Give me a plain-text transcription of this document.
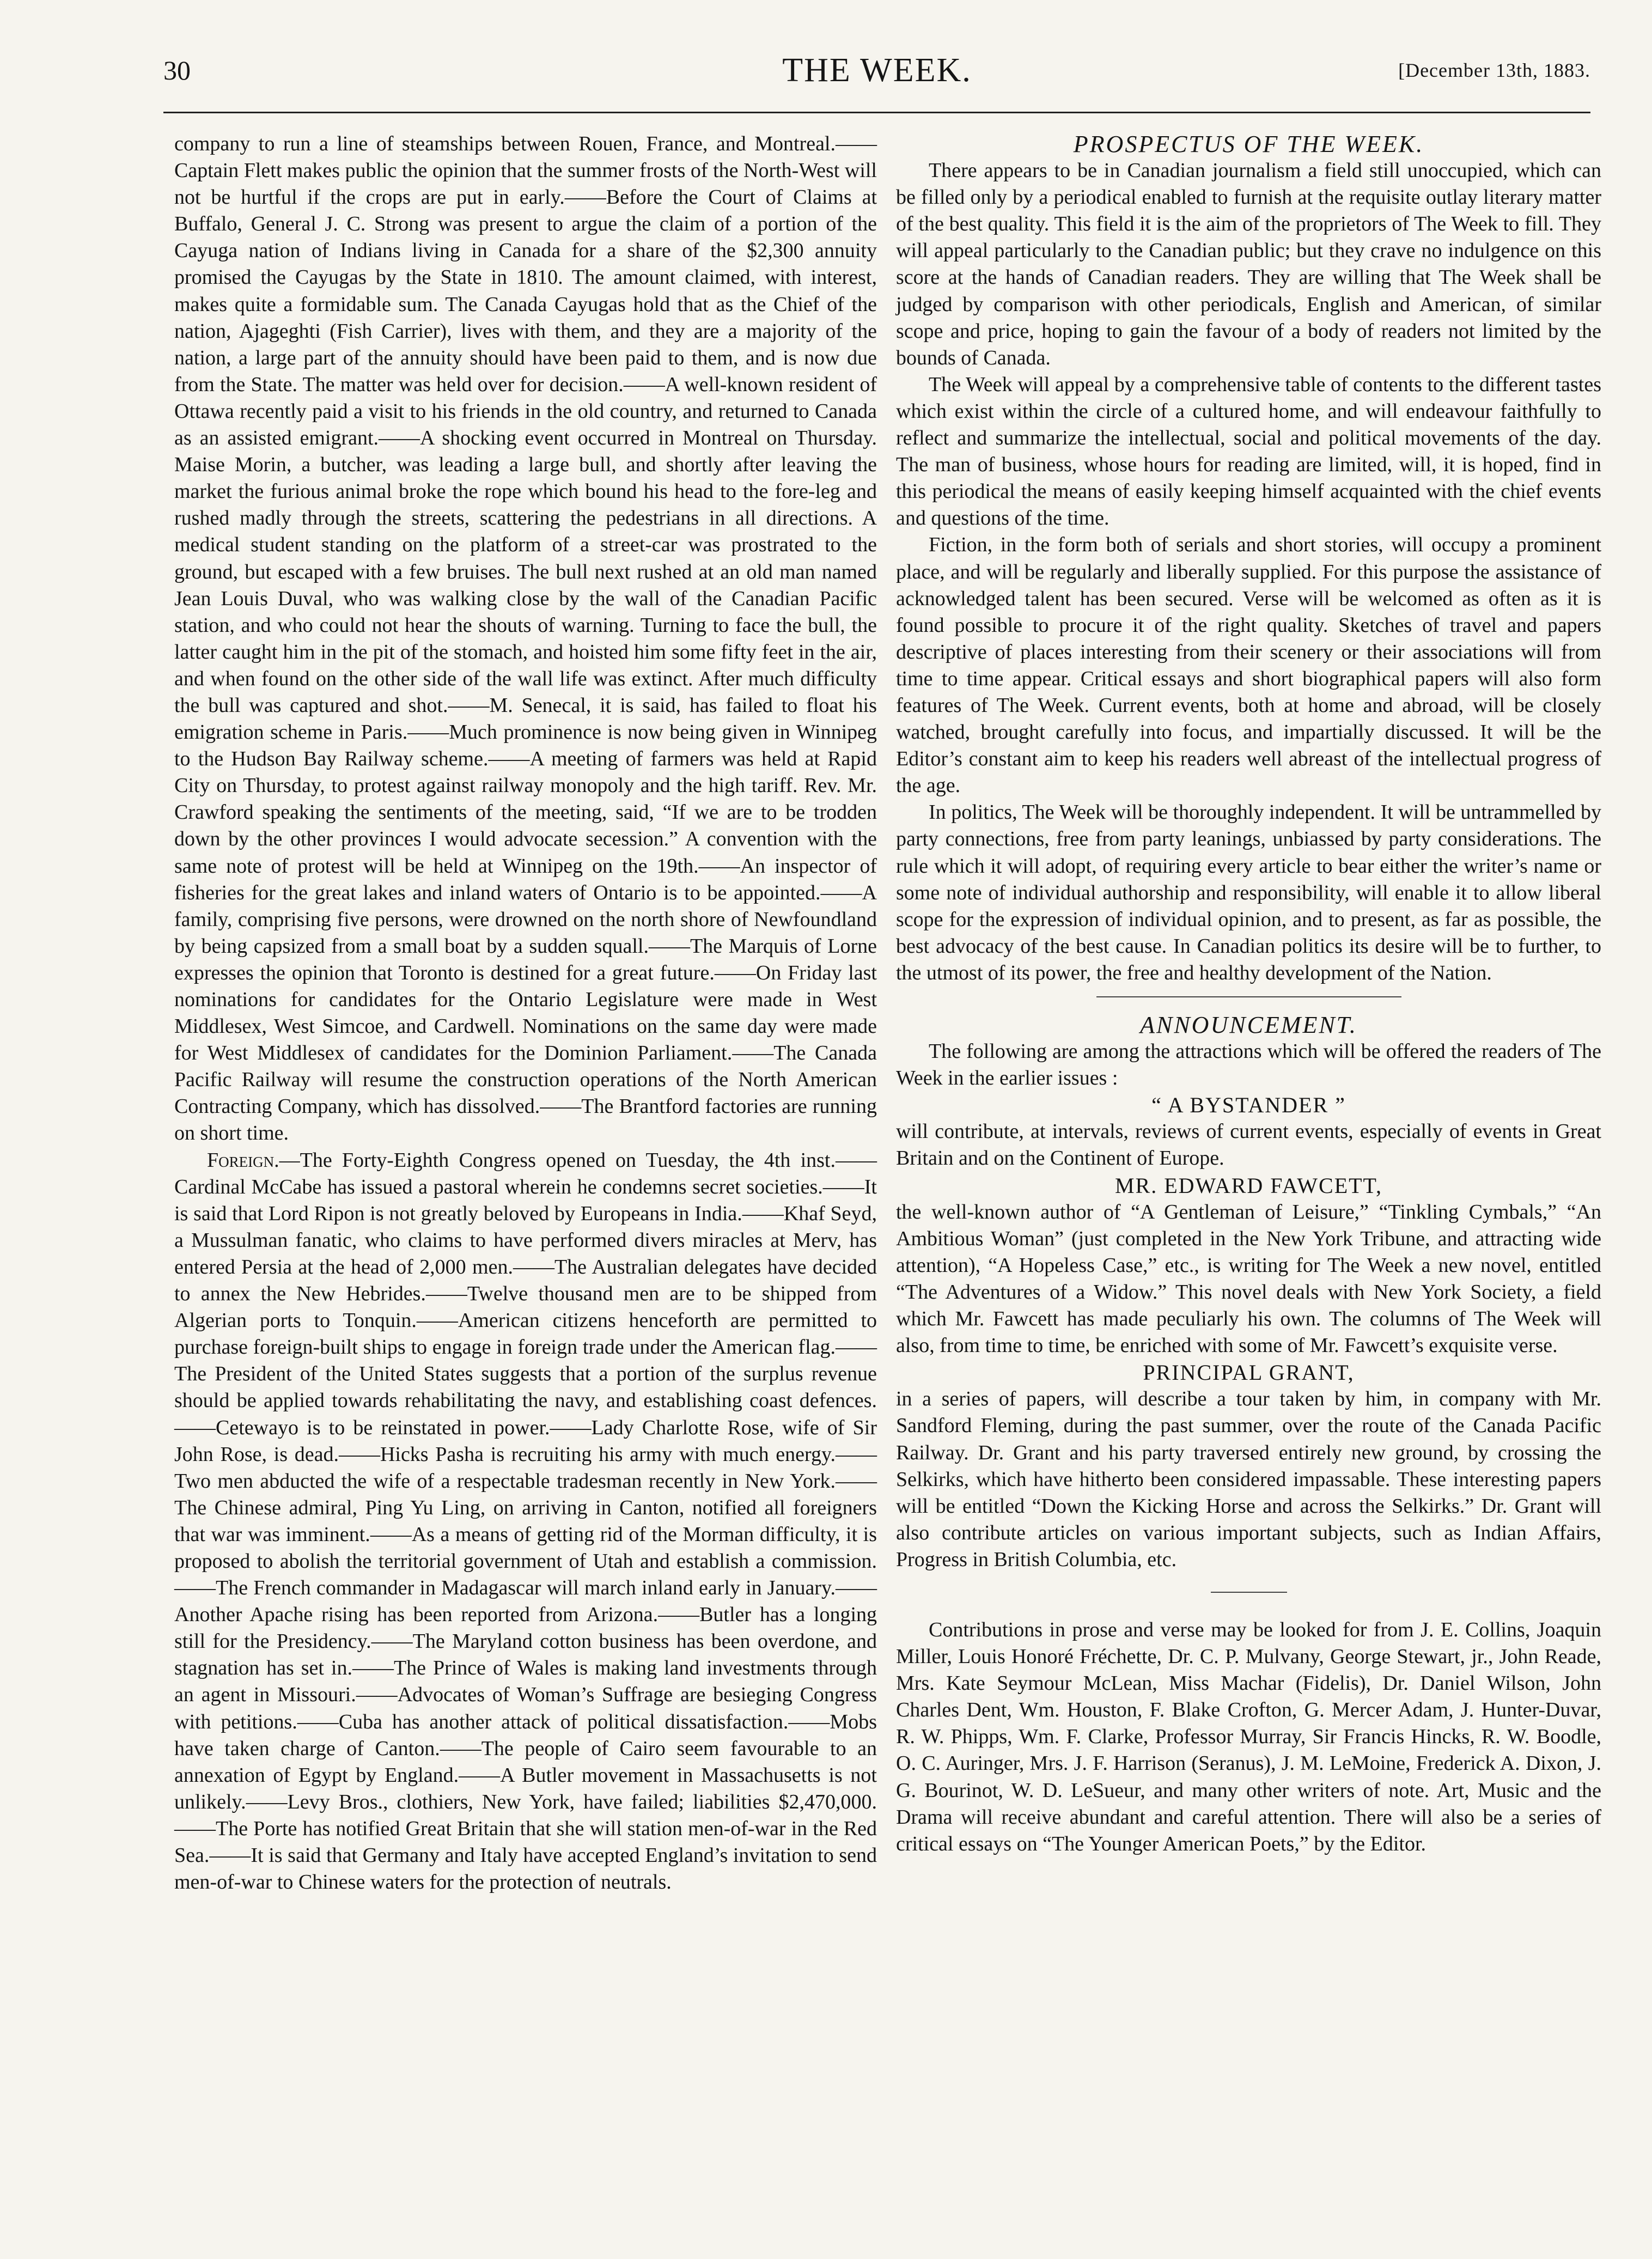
30	THE WEEK.	[December 13th, 1883.

company to run a line of steamships between Rouen, France, and Montreal.——Captain Flett makes public the opinion that the summer frosts of the North-West will not be hurtful if the crops are put in early.——Before the Court of Claims at Buffalo, General J. C. Strong was present to argue the claim of a portion of the Cayuga nation of Indians living in Canada for a share of the $2,300 annuity promised the Cayugas by the State in 1810. The amount claimed, with interest, makes quite a formidable sum. The Canada Cayugas hold that as the Chief of the nation, Ajageghti (Fish Carrier), lives with them, and they are a majority of the nation, a large part of the annuity should have been paid to them, and is now due from the State. The matter was held over for decision.——A well-known resident of Ottawa recently paid a visit to his friends in the old country, and returned to Canada as an assisted emigrant.——A shocking event occurred in Montreal on Thursday. Maise Morin, a butcher, was leading a large bull, and shortly after leaving the market the furious animal broke the rope which bound his head to the fore-leg and rushed madly through the streets, scattering the pedestrians in all directions. A medical student standing on the platform of a street-car was prostrated to the ground, but escaped with a few bruises. The bull next rushed at an old man named Jean Louis Duval, who was walking close by the wall of the Canadian Pacific station, and who could not hear the shouts of warning. Turning to face the bull, the latter caught him in the pit of the stomach, and hoisted him some fifty feet in the air, and when found on the other side of the wall life was extinct. After much difficulty the bull was captured and shot.——M. Senecal, it is said, has failed to float his emigration scheme in Paris.——Much prominence is now being given in Winnipeg to the Hudson Bay Railway scheme.——A meeting of farmers was held at Rapid City on Thursday, to protest against railway monopoly and the high tariff. Rev. Mr. Crawford speaking the sentiments of the meeting, said, “If we are to be trodden down by the other provinces I would advocate secession.” A convention with the same note of protest will be held at Winnipeg on the 19th.——An inspector of fisheries for the great lakes and inland waters of Ontario is to be appointed.——A family, comprising five persons, were drowned on the north shore of Newfoundland by being capsized from a small boat by a sudden squall.——The Marquis of Lorne expresses the opinion that Toronto is destined for a great future.——On Friday last nominations for candidates for the Ontario Legislature were made in West Middlesex, West Simcoe, and Cardwell. Nominations on the same day were made for West Middlesex of candidates for the Dominion Parliament.——The Canada Pacific Railway will resume the construction operations of the North American Contracting Company, which has dissolved.——The Brantford factories are running on short time.

Foreign.—The Forty-Eighth Congress opened on Tuesday, the 4th inst.——Cardinal McCabe has issued a pastoral wherein he condemns secret societies.——It is said that Lord Ripon is not greatly beloved by Europeans in India.——Khaf Seyd, a Mussulman fanatic, who claims to have performed divers miracles at Merv, has entered Persia at the head of 2,000 men.——The Australian delegates have decided to annex the New Hebrides.——Twelve thousand men are to be shipped from Algerian ports to Tonquin.——American citizens henceforth are permitted to purchase foreign-built ships to engage in foreign trade under the American flag.——The President of the United States suggests that a portion of the surplus revenue should be applied towards rehabilitating the navy, and establishing coast defences.——Cetewayo is to be reinstated in power.——Lady Charlotte Rose, wife of Sir John Rose, is dead.——Hicks Pasha is recruiting his army with much energy.——Two men abducted the wife of a respectable tradesman recently in New York.——The Chinese admiral, Ping Yu Ling, on arriving in Canton, notified all foreigners that war was imminent.——As a means of getting rid of the Morman difficulty, it is proposed to abolish the territorial government of Utah and establish a commission.——The French commander in Madagascar will march inland early in January.——Another Apache rising has been reported from Arizona.——Butler has a longing still for the Presidency.——The Maryland cotton business has been overdone, and stagnation has set in.——The Prince of Wales is making land investments through an agent in Missouri.——Advocates of Woman’s Suffrage are besieging Congress with petitions.——Cuba has another attack of political dissatisfaction.——Mobs have taken charge of Canton.——The people of Cairo seem favourable to an annexation of Egypt by England.——A Butler movement in Massachusetts is not unlikely.——Levy Bros., clothiers, New York, have failed; liabilities $2,470,000.——The Porte has notified Great Britain that she will station men-of-war in the Red Sea.——It is said that Germany and Italy have accepted England’s invitation to send men-of-war to Chinese waters for the protection of neutrals.

PROSPECTUS OF THE WEEK.

There appears to be in Canadian journalism a field still unoccupied, which can be filled only by a periodical enabled to furnish at the requisite outlay literary matter of the best quality. This field it is the aim of the proprietors of The Week to fill. They will appeal particularly to the Canadian public; but they crave no indulgence on this score at the hands of Canadian readers. They are willing that The Week shall be judged by comparison with other periodicals, English and American, of similar scope and price, hoping to gain the favour of a body of readers not limited by the bounds of Canada.

The Week will appeal by a comprehensive table of contents to the different tastes which exist within the circle of a cultured home, and will endeavour faithfully to reflect and summarize the intellectual, social and political movements of the day. The man of business, whose hours for reading are limited, will, it is hoped, find in this periodical the means of easily keeping himself acquainted with the chief events and questions of the time.

Fiction, in the form both of serials and short stories, will occupy a prominent place, and will be regularly and liberally supplied. For this purpose the assistance of acknowledged talent has been secured. Verse will be welcomed as often as it is found possible to procure it of the right quality. Sketches of travel and papers descriptive of places interesting from their scenery or their associations will from time to time appear. Critical essays and short biographical papers will also form features of The Week. Current events, both at home and abroad, will be closely watched, brought carefully into focus, and impartially discussed. It will be the Editor’s constant aim to keep his readers well abreast of the intellectual progress of the age.

In politics, The Week will be thoroughly independent. It will be untrammelled by party connections, free from party leanings, unbiassed by party considerations. The rule which it will adopt, of requiring every article to bear either the writer’s name or some note of individual authorship and responsibility, will enable it to allow liberal scope for the expression of individual opinion, and to present, as far as possible, the best advocacy of the best cause. In Canadian politics its desire will be to further, to the utmost of its power, the free and healthy development of the Nation.

ANNOUNCEMENT.

The following are among the attractions which will be offered the readers of The Week in the earlier issues :

“ A BYSTANDER ”

will contribute, at intervals, reviews of current events, especially of events in Great Britain and on the Continent of Europe.

MR. EDWARD FAWCETT,

the well-known author of “A Gentleman of Leisure,” “Tinkling Cymbals,” “An Ambitious Woman” (just completed in the New York Tribune, and attracting wide attention), “A Hopeless Case,” etc., is writing for The Week a new novel, entitled “The Adventures of a Widow.” This novel deals with New York Society, a field which Mr. Fawcett has made peculiarly his own. The columns of The Week will also, from time to time, be enriched with some of Mr. Fawcett’s exquisite verse.

PRINCIPAL GRANT,

in a series of papers, will describe a tour taken by him, in company with Mr. Sandford Fleming, during the past summer, over the route of the Canada Pacific Railway. Dr. Grant and his party traversed entirely new ground, by crossing the Selkirks, which have hitherto been considered impassable. These interesting papers will be entitled “Down the Kicking Horse and across the Selkirks.” Dr. Grant will also contribute articles on various important subjects, such as Indian Affairs, Progress in British Columbia, etc.

Contributions in prose and verse may be looked for from J. E. Collins, Joaquin Miller, Louis Honoré Fréchette, Dr. C. P. Mulvany, George Stewart, jr., John Reade, Mrs. Kate Seymour McLean, Miss Machar (Fidelis), Dr. Daniel Wilson, John Charles Dent, Wm. Houston, F. Blake Crofton, G. Mercer Adam, J. Hunter-Duvar, R. W. Phipps, Wm. F. Clarke, Professor Murray, Sir Francis Hincks, R. W. Boodle, O. C. Auringer, Mrs. J. F. Harrison (Seranus), J. M. LeMoine, Frederick A. Dixon, J. G. Bourinot, W. D. LeSueur, and many other writers of note. Art, Music and the Drama will receive abundant and careful attention. There will also be a series of critical essays on “The Younger American Poets,” by the Editor.
